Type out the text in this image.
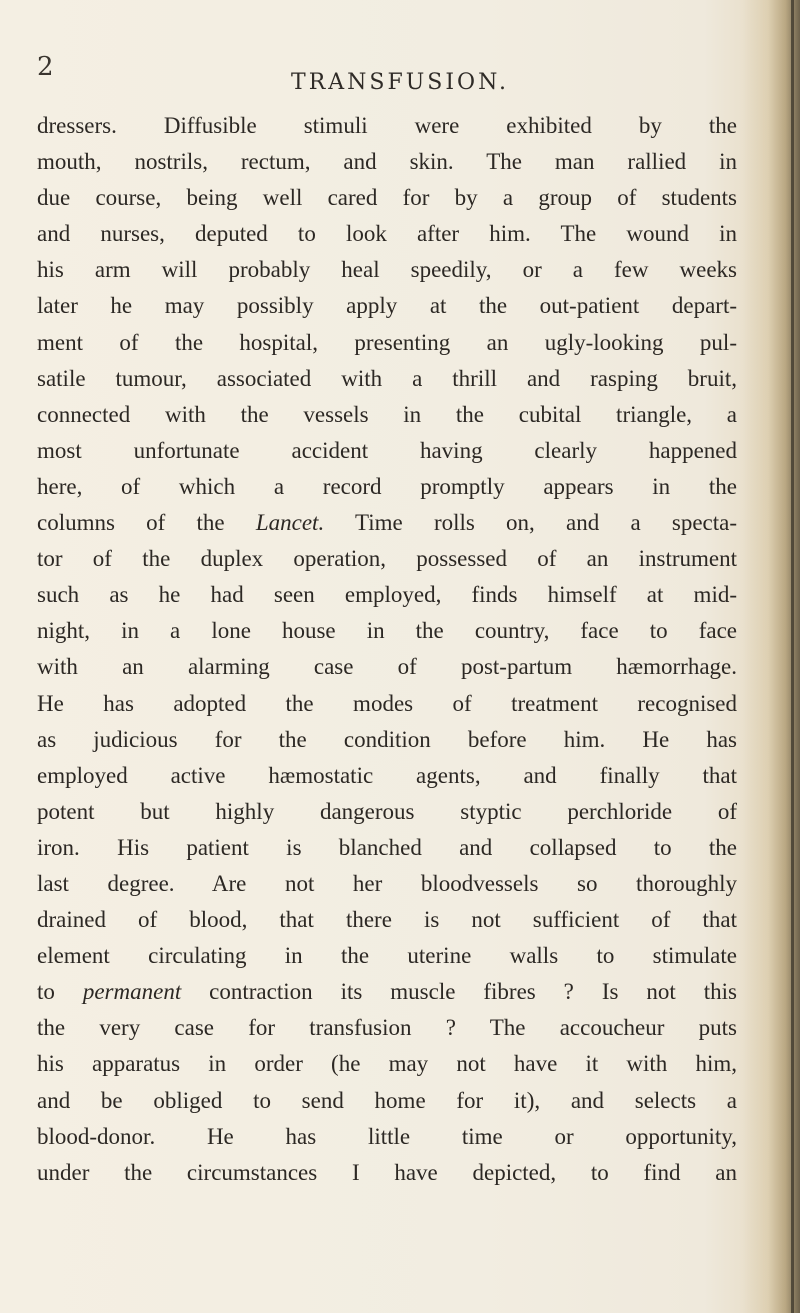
2
TRANSFUSION.
dressers. Diffusible stimuli were exhibited by the
mouth, nostrils, rectum, and skin. The man rallied in
due course, being well cared for by a group of students
and nurses, deputed to look after him. The wound in
his arm will probably heal speedily, or a few weeks
later he may possibly apply at the out-patient depart-
ment of the hospital, presenting an ugly-looking pul-
satile tumour, associated with a thrill and rasping bruit,
connected with the vessels in the cubital triangle, a
most unfortunate accident having clearly happened
here, of which a record promptly appears in the
columns of the Lancet. Time rolls on, and a specta-
tor of the duplex operation, possessed of an instrument
such as he had seen employed, finds himself at mid-
night, in a lone house in the country, face to face
with an alarming case of post-partum hæmorrhage.
He has adopted the modes of treatment recognised
as judicious for the condition before him. He has
employed active hæmostatic agents, and finally that
potent but highly dangerous styptic perchloride of
iron. His patient is blanched and collapsed to the
last degree. Are not her bloodvessels so thoroughly
drained of blood, that there is not sufficient of that
element circulating in the uterine walls to stimulate
to permanent contraction its muscle fibres ? Is not this
the very case for transfusion ? The accoucheur puts
his apparatus in order (he may not have it with him,
and be obliged to send home for it), and selects a
blood-donor. He has little time or opportunity,
under the circumstances I have depicted, to find an
